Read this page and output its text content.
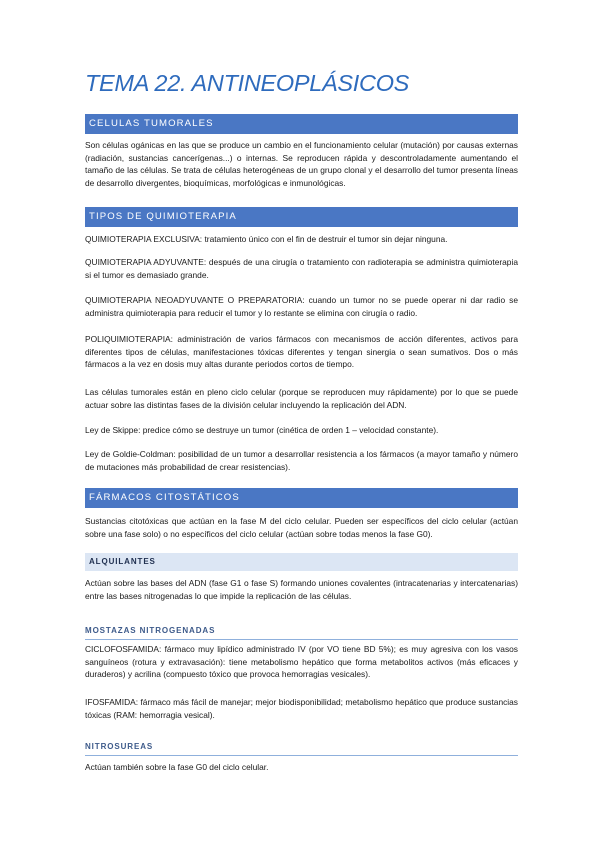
TEMA 22. ANTINEOPLÁSICOS
CELULAS TUMORALES

Son células ogánicas en las que se produce un cambio en el funcionamiento celular (mutación) por causas externas (radiación, sustancias cancerígenas...) o internas. Se reproducen rápida y descontroladamente aumentando el tamaño de las células. Se trata de células heterogéneas de un grupo clonal y el desarrollo del tumor presenta líneas de desarrollo divergentes, bioquímicas, morfológicas e inmunológicas.

TIPOS DE QUIMIOTERAPIA

QUIMIOTERAPIA EXCLUSIVA: tratamiento único con el fin de destruir el tumor sin dejar ninguna.

QUIMIOTERAPIA ADYUVANTE: después de una cirugía o tratamiento con radioterapia se administra quimioterapia si el tumor es demasiado grande.

QUIMIOTERAPIA NEOADYUVANTE O PREPARATORIA: cuando un tumor no se puede operar ni dar radio se administra quimioterapia para reducir el tumor y lo restante se elimina con cirugía o radio.

POLIQUIMIOTERAPIA: administración de varios fármacos con mecanismos de acción diferentes, activos para diferentes tipos de células, manifestaciones tóxicas diferentes y tengan sinergia o sean sumativos. Dos o más fármacos a la vez en dosis muy altas durante periodos cortos de tiempo.

Las células tumorales están en pleno ciclo celular (porque se reproducen muy rápidamente) por lo que se puede actuar sobre las distintas fases de la división celular incluyendo la replicación del ADN.

Ley de Skippe: predice cómo se destruye un tumor (cinética de orden 1 – velocidad constante).

Ley de Goldie-Coldman: posibilidad de un tumor a desarrollar resistencia a los fármacos (a mayor tamaño y número de mutaciones más probabilidad de crear resistencias).

FÁRMACOS CITOSTÁTICOS

Sustancias citotóxicas que actúan en la fase M del ciclo celular. Pueden ser específicos del ciclo celular (actúan sobre una fase solo) o no específicos del ciclo celular (actúan sobre todas menos la fase G0).

ALQUILANTES

Actúan sobre las bases del ADN (fase G1 o fase S) formando uniones covalentes (intracatenarias y intercatenarias) entre las bases nitrogenadas lo que impide la replicación de las células.

MOSTAZAS NITROGENADAS

CICLOFOSFAMIDA: fármaco muy lipídico administrado IV (por VO tiene BD 5%); es muy agresiva con los vasos sanguíneos (rotura y extravasación): tiene metabolismo hepático que forma metabolitos activos (más eficaces y duraderos) y acrilina (compuesto tóxico que provoca hemorragias vesicales).

IFOSFAMIDA: fármaco más fácil de manejar; mejor biodisponibilidad; metabolismo hepático que produce sustancias tóxicas (RAM: hemorragia vesical).

NITROSUREAS

Actúan también sobre la fase G0 del ciclo celular.
